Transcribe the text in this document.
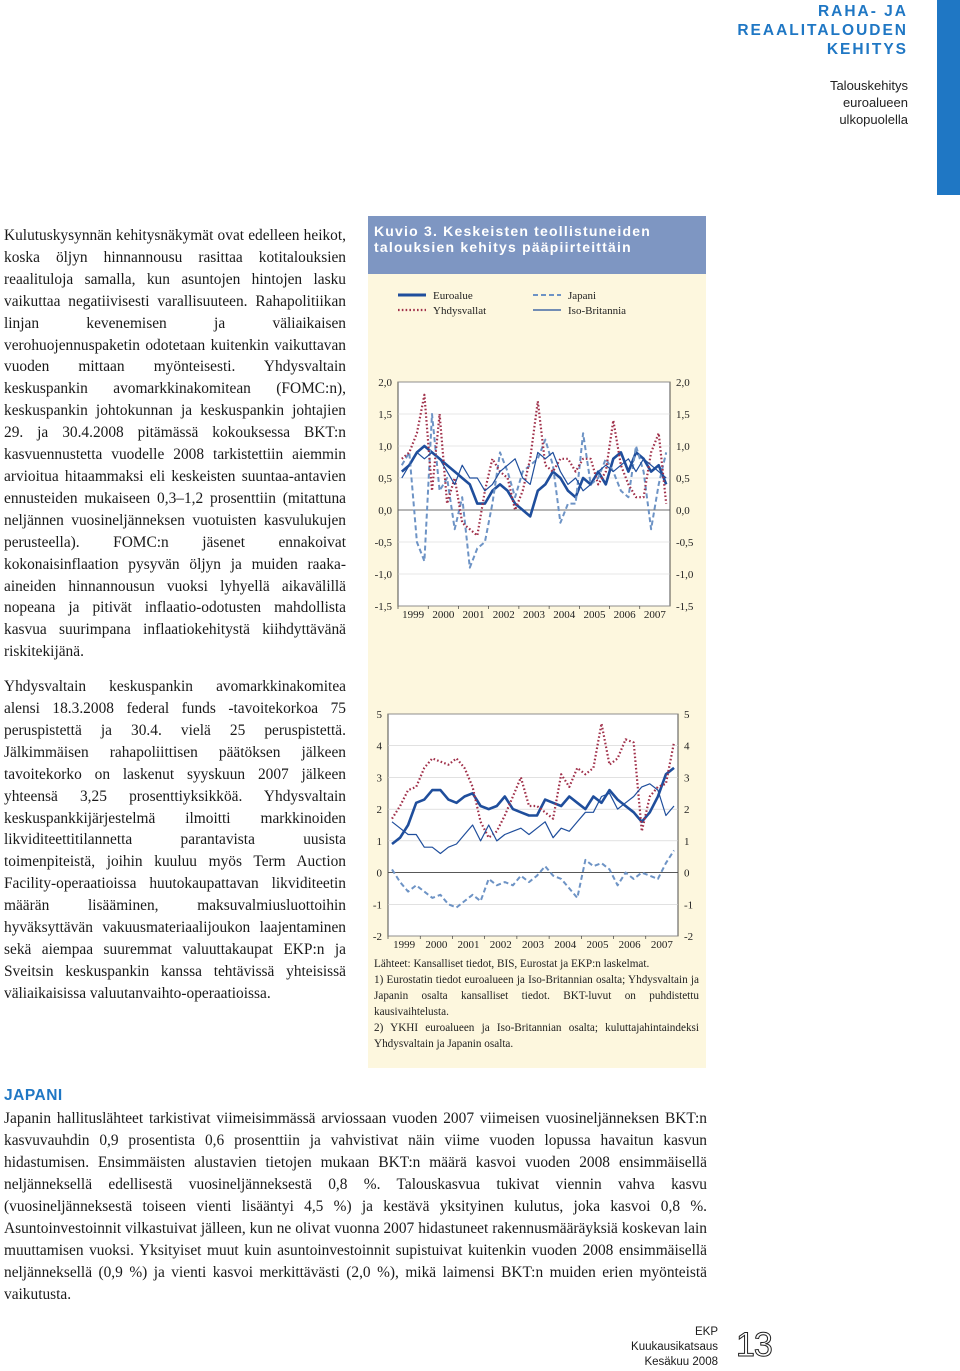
RAHA- JA
REAALITALOUDEN
KEHITYS
Talouskehitys
euroalueen
ulkopuolella

Kulutuskysynnän kehitysnäkymät ovat edelleen heikot, koska öljyn hinnannousu rasittaa kotitalouksien reaalituloja samalla, kun asuntojen hintojen lasku vaikuttaa negatiivisesti varallisuuteen. Rahapolitiikan linjan kevenemisen ja väliaikaisen verohuojennuspaketin odotetaan kuitenkin vaikuttavan vuoden mittaan myönteisesti. Yhdysvaltain keskuspankin avomarkkinakomitean (FOMC:n), keskuspankin johtokunnan ja keskuspankin johtajien 29. ja 30.4.2008 pitämässä kokouksessa BKT:n kasvuennustetta vuodelle 2008 tarkistettiin aiemmin arvioitua hitaammaksi eli keskeisten suuntaa-antavien ennusteiden mukaiseen 0,3–1,2 prosenttiin (mitattuna neljännen vuosineljänneksen vuotuisten kasvulukujen perusteella). FOMC:n jäsenet ennakoivat kokonaisinflaation pysyvän öljyn ja muiden raaka-aineiden hinnannousun vuoksi lyhyellä aikavälillä nopeana ja pitivät inflaatio-odotusten mahdollista kasvua suurimpana inflaatiokehitystä kiihdyttävänä riskitekijänä.

Yhdysvaltain keskuspankin avomarkkinakomitea alensi 18.3.2008 federal funds -tavoitekorkoa 75 peruspistettä ja 30.4. vielä 25 peruspistettä. Jälkimmäisen rahapoliittisen päätöksen jälkeen tavoitekorko on laskenut syyskuun 2007 jälkeen yhteensä 3,25 prosenttiyksikköä. Yhdysvaltain keskuspankkijärjestelmä ilmoitti markkinoiden likviditeettitilannetta parantavista uusista toimenpiteistä, joihin kuuluu myös Term Auction Facility-operaatioissa huutokaupattavan likviditeetin määrän lisääminen, maksuvalmiusluottoihin hyväksyttävän vakuusmateriaalijoukon laajentaminen sekä aiempaa suuremmat valuuttakaupat EKP:n ja Sveitsin keskuspankin kanssa tehtävissä yhteisissä väliaikaisissa valuutanvaihto-operaatioissa.

Kuvio 3. Keskeisten teollistuneiden talouksien kehitys pääpiirteittäin
Euroalue	Japani
Yhdysvallat	Iso-Britannia
2,0	2,0
1,5	1,5
1,0	1,0
0,5	0,5
0,0	0,0
-0,5	-0,5
-1,0	-1,0
-1,5	-1,5
1999 2000 2001 2002 2003 2004 2005 2006 2007
5	5
4	4
3	3
2	2
1	1
0	0
-1	-1
-2	-2
1999 2000 2001 2002 2003 2004 2005 2006 2007

Lähteet: Kansalliset tiedot, BIS, Eurostat ja EKP:n laskelmat.

1) Eurostatin tiedot euroalueen ja Iso-Britannian osalta; Yhdysvaltain ja Japanin osalta kansalliset tiedot. BKT-luvut on puhdistettu kausivaihtelusta.

2) YKHI euroalueen ja Iso-Britannian osalta; kuluttajahintaindeksi Yhdysvaltain ja Japanin osalta.

JAPANI
Japanin hallituslähteet tarkistivat viimeisimmässä arviossaan vuoden 2007 viimeisen vuosineljänneksen BKT:n kasvuvauhdin 0,9 prosentista 0,6 prosenttiin ja vahvistivat näin viime vuoden lopussa havaitun kasvun hidastumisen. Ensimmäisten alustavien tietojen mukaan BKT:n määrä kasvoi vuoden 2008 ensimmäisellä neljänneksellä edellisestä vuosineljänneksestä 0,8 %. Talouskasvua tukivat viennin vahva kasvu (vuosineljänneksestä toiseen vienti lisääntyi 4,5 %) ja kestävä yksityinen kulutus, joka kasvoi 0,8 %. Asuntoinvestoinnit vilkastuivat jälleen, kun ne olivat vuonna 2007 hidastuneet rakennusmääräyksiä koskevan lain muuttamisen vuoksi. Yksityiset muut kuin asuntoinvestoinnit supistuivat kuitenkin vuoden 2008 ensimmäisellä neljänneksellä (0,9 %) ja vienti kasvoi merkittävästi (2,0 %), mikä laimensi BKT:n muiden erien myönteistä vaikutusta.
EKP
Kuukausikatsaus
Kesäkuu 2008 13
